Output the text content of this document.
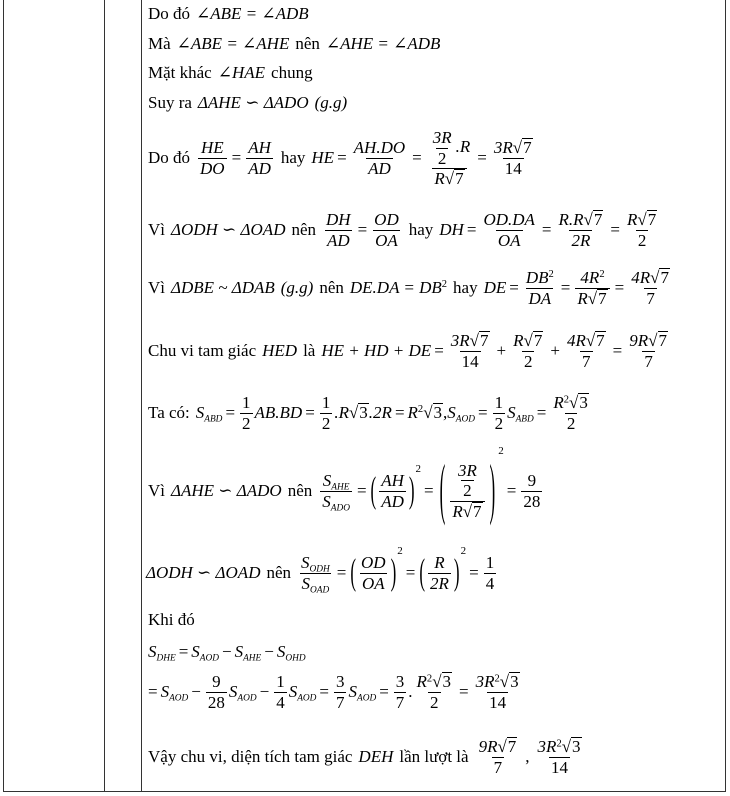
Do đó ∠ABE = ∠ADB
Mà ∠ABE = ∠AHE nên ∠AHE = ∠ADB
Mặt khác ∠HAE chung
Suy ra ΔAHE ∽ ΔADO (g.g)
Do đó $\frac{HE}{DO} = \frac{AH}{AD}$ hay HE = $\frac{AH.DO}{AD} = \frac{\frac{3R}{2} .R}{R √ 7} = \frac{3R √ 7}{14}$
Vì ΔODH ∽ ΔOAD nên $\frac{DH}{AD} = \frac{OD}{OA}$ hay DH = $\frac{OD.DA}{OA} = \frac{R.R √ 7}{2R} = \frac{R √ 7}{2}$
Vì ΔDBE ~ ΔDAB (g.g) nên $DE.DA = DB^2$ hay DE = $\frac{DB^2}{DA} = \frac{4R^2}{R √ 7} = \frac{4R √ 7}{7}$
Chu vi tam giác HED là HE + HD + DE = $\frac{3R √ 7}{14} + \frac{R √ 7}{2} + \frac{4R √ 7}{7} = \frac{9R √ 7}{7}$
Ta có: $S_{ABD} = \frac{1}{2} AB.BD = \frac{1}{2} .R$ √ 3 $.2R = R^2$ √ 3 , $S_{AOD} = \frac{1}{2} S_{ABD} = \frac{R^2 √ 3}{2}$
Vì ΔAHE ∽ ΔADO nên $\frac{S_{AHE}}{S_{ADO}}$ = ( $\frac{AH}{AD}$ ) 2
= ( $\frac{\frac{3R}{2}}{R √ 7}$ ) 2
= $\frac{9}{28}$
ΔODH ∽ ΔOAD nên $\frac{S_{ODH}}{S_{OAD}}$ = ( $\frac{OD}{OA}$ ) 2
= ( $\frac{R}{2R}$ ) 2
= $\frac{1}{4}$
Khi đó
$S_{DHE} = S_{AOD} - S_{AHE} - S_{OHD}$
= $S_{AOD} - \frac{9}{28} S_{AOD} - \frac{1}{4} S_{AOD} = \frac{3}{7} S_{AOD} = \frac{3}{7}$ . $\frac{R^2 √ 3}{2} = \frac{3R^2 √ 3}{14}$
Vậy chu vi, diện tích tam giác DEH lần lượt là $\frac{9R √ 7}{7}$ , $\frac{3R^2 √ 3}{14}$
